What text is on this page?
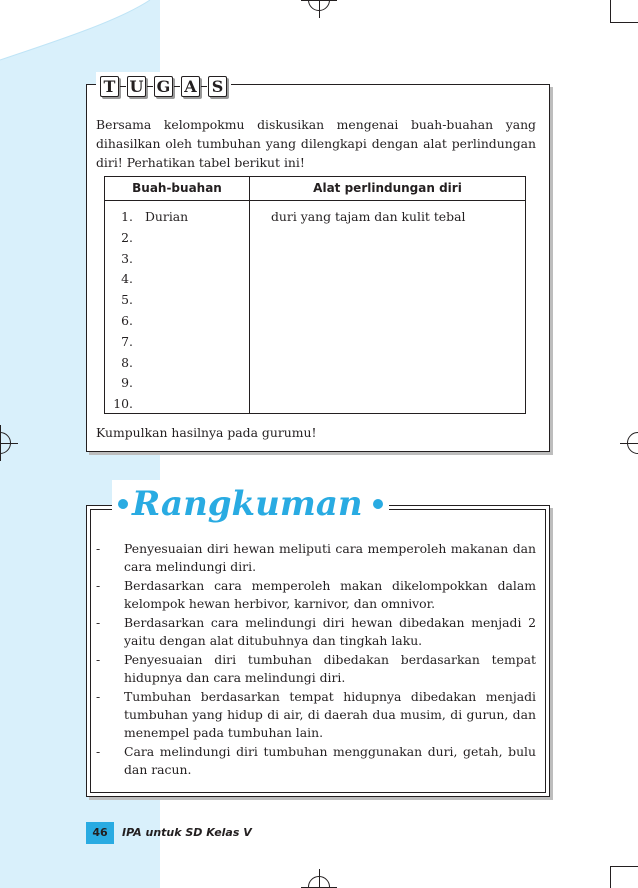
T U G A S

Bersama kelompokmu diskusikan mengenai buah-buahan yang dihasilkan oleh tumbuhan yang dilengkapi dengan alat perlindungan diri! Perhatikan tabel berikut ini!

Buah-buahan	Alat perlindungan diri
1. Durian	duri yang tajam dan kulit tebal
2.
3.
4.
5.
6.
7.
8.
9.
10.

Kumpulkan hasilnya pada gurumu!

Rangkuman
- Penyesuaian diri hewan meliputi cara memperoleh makanan dan cara melindungi diri.
- Berdasarkan cara memperoleh makan dikelompokkan dalam kelompok hewan herbivor, karnivor, dan omnivor.
- Berdasarkan cara melindungi diri hewan dibedakan menjadi 2 yaitu dengan alat ditubuhnya dan tingkah laku.
- Penyesuaian diri tumbuhan dibedakan berdasarkan tempat hidupnya dan cara melindungi diri.
- Tumbuhan berdasarkan tempat hidupnya dibedakan menjadi tumbuhan yang hidup di air, di daerah dua musim, di gurun, dan menempel pada tumbuhan lain.
- Cara melindungi diri tumbuhan menggunakan duri, getah, bulu dan racun.
46	IPA untuk SD Kelas V
